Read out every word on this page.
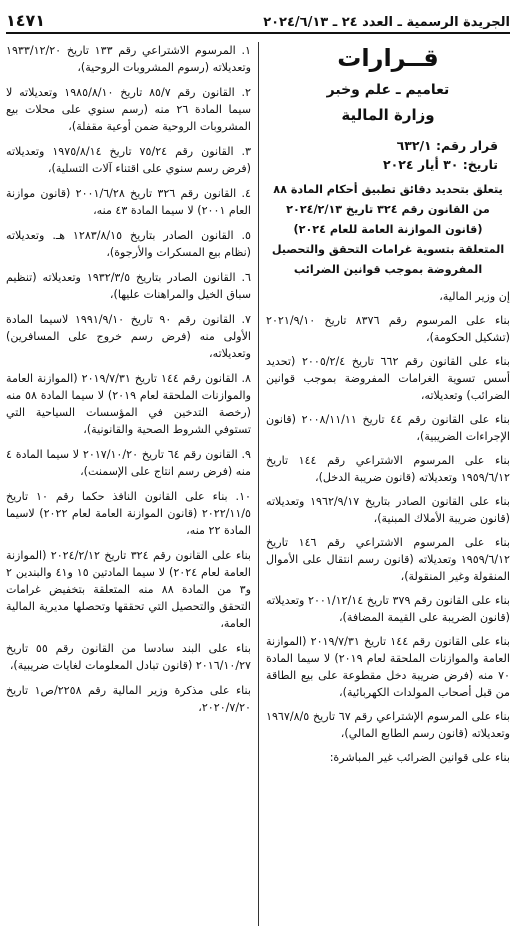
الجريدة الرسمية ـ العدد ٢٤ ـ ٢٠٢٤/٦/١٣
١٤٧١
قــرارات
تعاميم ـ علم وخبر
وزارة المالية
قرار رقم: ٦٣٢/١
تاريخ: ٣٠ أيار ٢٠٢٤
يتعلق بتحديد دقائق تطبيق أحكام المادة ٨٨
من القانون رقم ٣٢٤ تاريخ ٢٠٢٤/٢/١٣
(قانون الموازنة العامة للعام ٢٠٢٤)
المتعلقة بتسوية غرامات التحقق والتحصيل
المفروضة بموجب قوانين الضرائب

إن وزير المالية،

بناء على المرسوم رقم ٨٣٧٦ تاريخ ٢٠٢١/٩/١٠ (تشكيل الحكومة)،

بناء على القانون رقم ٦٦٢ تاريخ ٢٠٠٥/٢/٤ (تحديد أسس تسوية الغرامات المفروضة بموجب قوانين الضرائب) وتعديلاته،

بناء على القانون رقم ٤٤ تاريخ ٢٠٠٨/١١/١١ (قانون الإجراءات الضريبية)،

بناء على المرسوم الاشتراعي رقم ١٤٤ تاريخ ١٩٥٩/٦/١٢ وتعديلاته (قانون ضريبة الدخل)،

بناء على القانون الصادر بتاريخ ١٩٦٢/٩/١٧ وتعديلاته (قانون ضريبة الأملاك المبنية)،

بناء على المرسوم الاشتراعي رقم ١٤٦ تاريخ ١٩٥٩/٦/١٢ وتعديلاته (قانون رسم انتقال على الأموال المنقولة وغير المنقولة)،

بناء على القانون رقم ٣٧٩ تاريخ ٢٠٠١/١٢/١٤ وتعديلاته (قانون الضريبة على القيمة المضافة)،

بناء على القانون رقم ١٤٤ تاريخ ٢٠١٩/٧/٣١ (الموازنة العامة والموازنات الملحقة لعام ٢٠١٩) لا سيما المادة ٧٠ منه (فرض ضريبة دخل مقطوعة على بيع الطاقة من قبل أصحاب المولدات الكهربائية)،

بناء على المرسوم الإشتراعي رقم ٦٧ تاريخ ١٩٦٧/٨/٥ وتعديلاته (قانون رسم الطابع المالي)،

بناء على قوانين الضرائب غير المباشرة:

١. المرسوم الاشتراعي رقم ١٣٣ تاريخ ١٩٣٣/١٢/٢٠ وتعديلاته (رسوم المشروبات الروحية)،

٢. القانون رقم ٨٥/٧ تاريخ ١٩٨٥/٨/١٠ وتعديلاته لا سيما المادة ٢٦ منه (رسم سنوي على محلات بيع المشروبات الروحية ضمن أوعية مقفلة)،

٣. القانون رقم ٧٥/٢٤ تاريخ ١٩٧٥/٨/١٤ وتعديلاته (فرض رسم سنوي على اقتناء آلات التسلية)،

٤. القانون رقم ٣٢٦ تاريخ ٢٠٠١/٦/٢٨ (قانون موازنة العام ٢٠٠١) لا سيما المادة ٤٣ منه،

٥. القانون الصادر بتاريخ ١٢٨٣/٨/١٥ هـ. وتعديلاته (نظام بيع المسكرات والأرجوة)،

٦. القانون الصادر بتاريخ ١٩٣٢/٣/٥ وتعديلاته (تنظيم سباق الخيل والمراهنات عليها)،

٧. القانون رقم ٩٠ تاريخ ١٩٩١/٩/١٠ لاسيما المادة الأولى منه (فرض رسم خروج على المسافرين) وتعديلاته،

٨. القانون رقم ١٤٤ تاريخ ٢٠١٩/٧/٣١ (الموازنة العامة والموازنات الملحقة لعام ٢٠١٩) لا سيما المادة ٥٨ منه (رخصة التدخين في المؤسسات السياحية التي تستوفي الشروط الصحية والقانونية)،

٩. القانون رقم ٦٤ تاريخ ٢٠١٧/١٠/٢٠ لا سيما المادة ٤ منه (فرض رسم انتاج على الإسمنت)،

١٠. بناء على القانون النافذ حكما رقم ١٠ تاريخ ٢٠٢٢/١١/٥ (قانون الموازنة العامة لعام ٢٠٢٢) لاسيما المادة ٢٢ منه،

بناء على القانون رقم ٣٢٤ تاريخ ٢٠٢٤/٢/١٢ (الموازنة العامة لعام ٢٠٢٤) لا سيما المادتين ١٥ و٤١ والبندين ٢ و٣ من المادة ٨٨ منه المتعلقة بتخفيض غرامات التحقق والتحصيل التي تحققها وتحصلها مديرية المالية العامة،

بناء على البند سادسا من القانون رقم ٥٥ تاريخ ٢٠١٦/١٠/٢٧ (قانون تبادل المعلومات لغايات ضريبية)،

بناء على مذكرة وزير المالية رقم ٢٢٥٨/ص١ تاريخ ٢٠٢٠/٧/٢٠،
